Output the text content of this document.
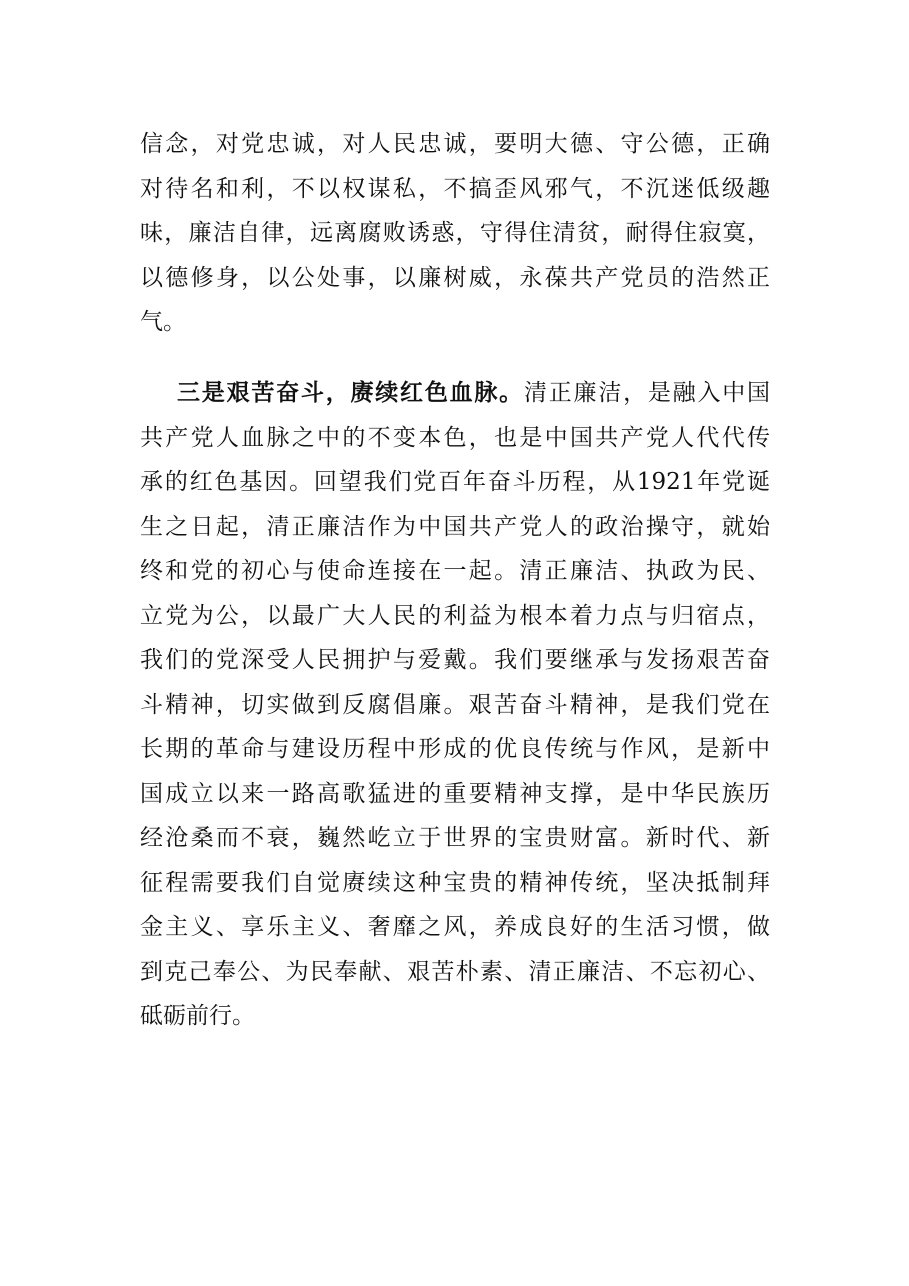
信念，对党忠诚，对人民忠诚，要明大德、守公德，正确
对待名和利，不以权谋私，不搞歪风邪气，不沉迷低级趣
味，廉洁自律，远离腐败诱惑，守得住清贫，耐得住寂寞，
以德修身，以公处事，以廉树威，永葆共产党员的浩然正
气。
三是艰苦奋斗，赓续红色血脉。清正廉洁，是融入中国
共产党人血脉之中的不变本色，也是中国共产党人代代传
承的红色基因。回望我们党百年奋斗历程，从1921年党诞
生之日起，清正廉洁作为中国共产党人的政治操守，就始
终和党的初心与使命连接在一起。清正廉洁、执政为民、
立党为公，以最广大人民的利益为根本着力点与归宿点，
我们的党深受人民拥护与爱戴。我们要继承与发扬艰苦奋
斗精神，切实做到反腐倡廉。艰苦奋斗精神，是我们党在
长期的革命与建设历程中形成的优良传统与作风，是新中
国成立以来一路高歌猛进的重要精神支撑，是中华民族历
经沧桑而不衰，巍然屹立于世界的宝贵财富。新时代、新
征程需要我们自觉赓续这种宝贵的精神传统，坚决抵制拜
金主义、享乐主义、奢靡之风，养成良好的生活习惯，做
到克己奉公、为民奉献、艰苦朴素、清正廉洁、不忘初心、
砥砺前行。
